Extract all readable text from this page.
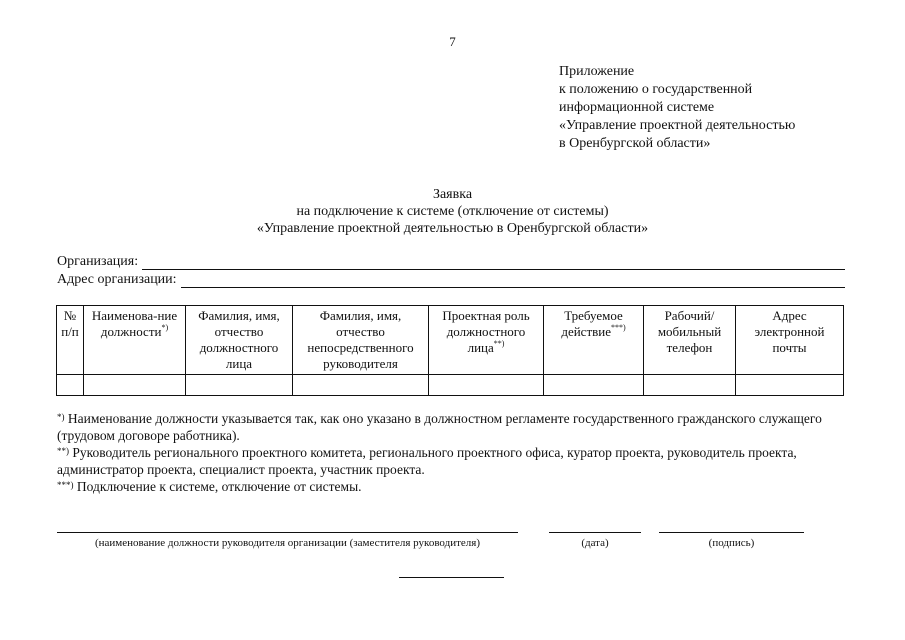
7
Приложение
к положению о государственной
информационной системе
«Управление проектной деятельностью
в Оренбургской области»
Заявка
на подключение к системе (отключение от системы)
«Управление проектной деятельностью в Оренбургской области»
Организация:
Адрес организации:
№ п/п	Наименова-ние должности*)	Фамилия, имя, отчество должностного лица	Фамилия, имя, отчество непосредственного руководителя	Проектная роль должностного лица**)	Требуемое действие***)	Рабочий/ мобильный телефон	Адрес электронной почты

*) Наименование должности указывается так, как оно указано в должностном регламенте государственного гражданского служащего (трудовом договоре работника).

**) Руководитель регионального проектного комитета, регионального проектного офиса, куратор проекта, руководитель проекта, администратор проекта, специалист проекта, участник проекта.

***) Подключение к системе, отключение от системы.

(наименование должности руководителя организации (заместителя руководителя)	(дата)	(подпись)
